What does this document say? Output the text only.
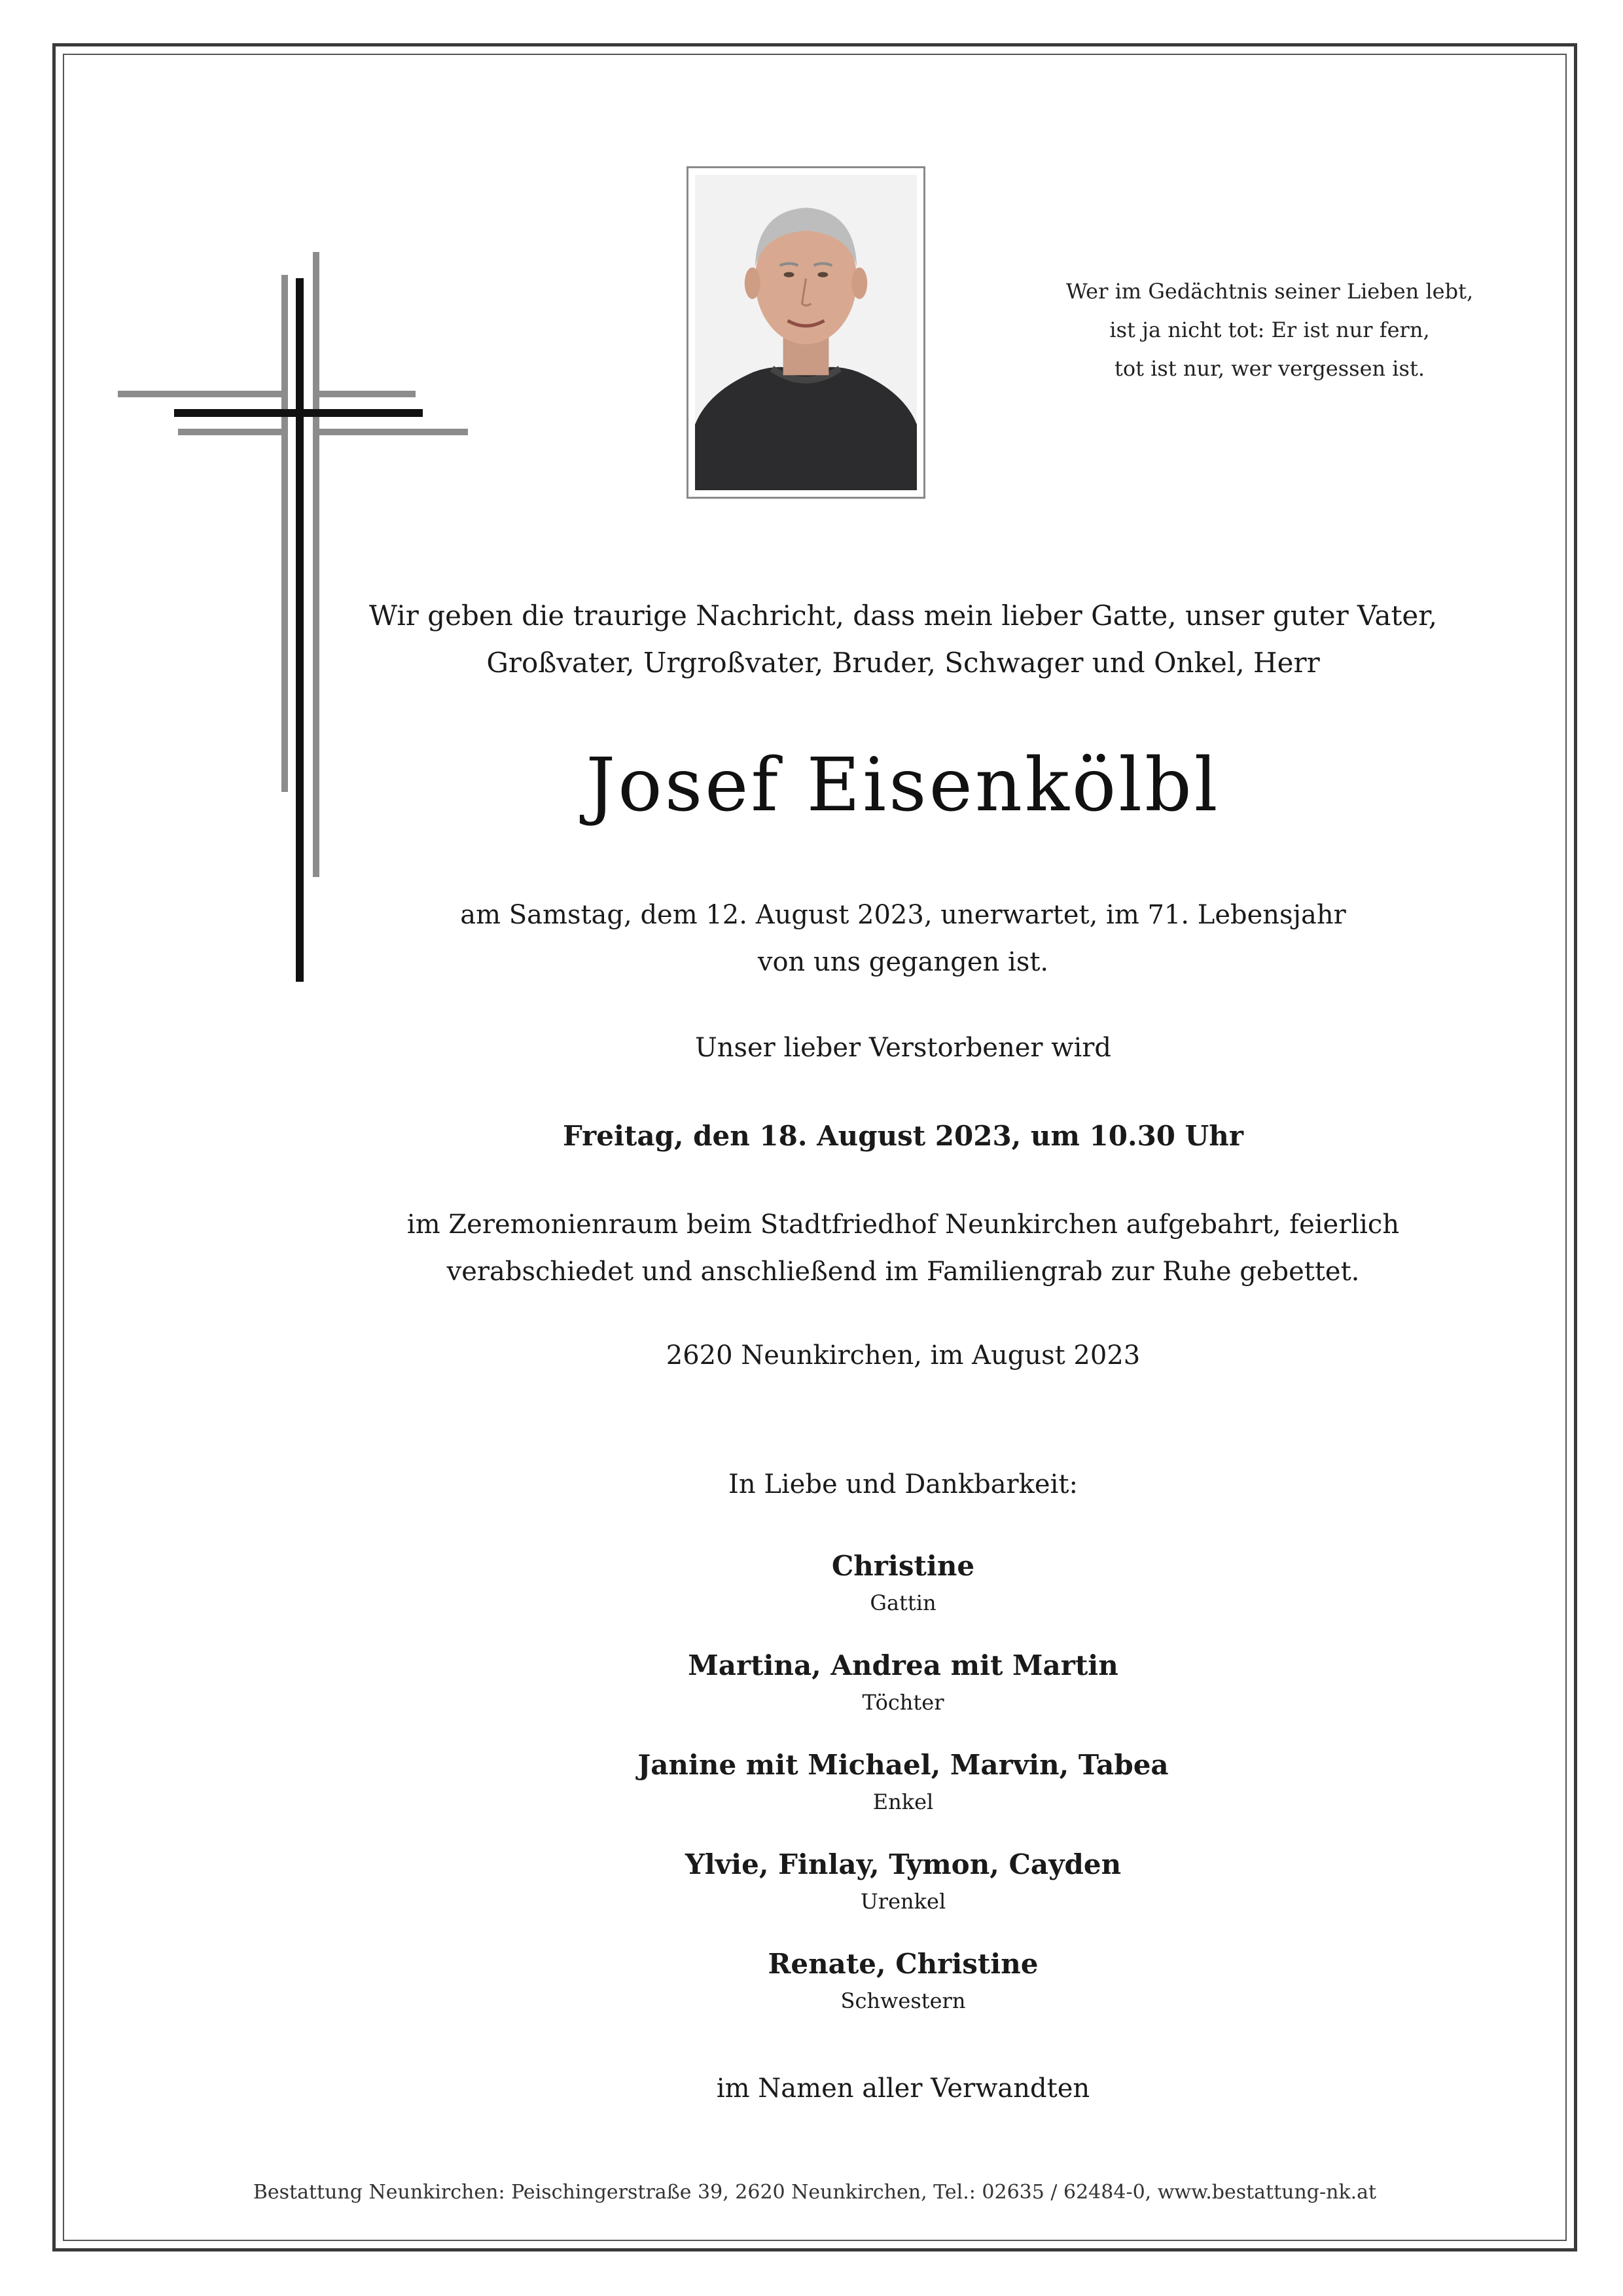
Wer im Gedächtnis seiner Lieben lebt,
ist ja nicht tot: Er ist nur fern,
tot ist nur, wer vergessen ist.
Wir geben die traurige Nachricht, dass mein lieber Gatte, unser guter Vater,
Großvater, Urgroßvater, Bruder, Schwager und Onkel, Herr
Josef Eisenkölbl
am Samstag, dem 12. August 2023, unerwartet, im 71. Lebensjahr
von uns gegangen ist.
Unser lieber Verstorbener wird
Freitag, den 18. August 2023, um 10.30 Uhr
im Zeremonienraum beim Stadtfriedhof Neunkirchen aufgebahrt, feierlich
verabschiedet und anschließend im Familiengrab zur Ruhe gebettet.
2620 Neunkirchen, im August 2023
In Liebe und Dankbarkeit:
Christine
Gattin
Martina, Andrea mit Martin
Töchter
Janine mit Michael, Marvin, Tabea
Enkel
Ylvie, Finlay, Tymon, Cayden
Urenkel
Renate, Christine
Schwestern
im Namen aller Verwandten
Bestattung Neunkirchen: Peischingerstraße 39, 2620 Neunkirchen, Tel.: 02635 / 62484-0, www.bestattung-nk.at
